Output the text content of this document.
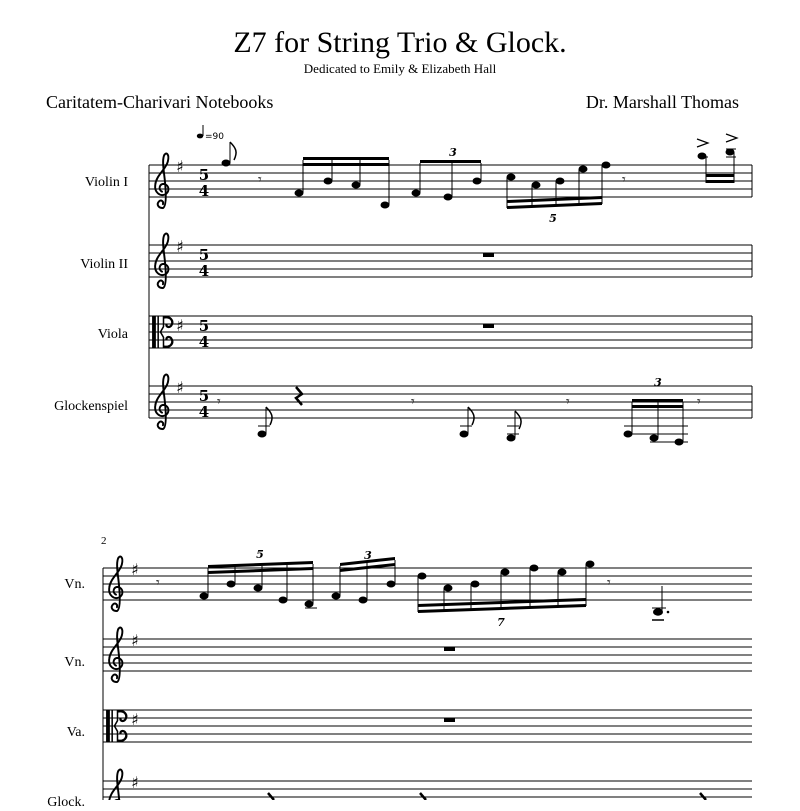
Z7 for String Trio & Glock.
Dedicated to Emily & Elizabeth Hall
Caritatem-Charivari Notebooks	Dr. Marshall Thomas
Violin I
Violin II
Viola
Glockenspiel
Vn.
Vn.
Va.
Glock.
♯
♯
♯
♯
5
4
5
4
5
4
5
4
=90
𝄾
3
5
𝄾
𝄾	𝄾	𝄾
3
𝄾
2
♯
♯
♯
♯
𝄾
5	3
7
𝄾
